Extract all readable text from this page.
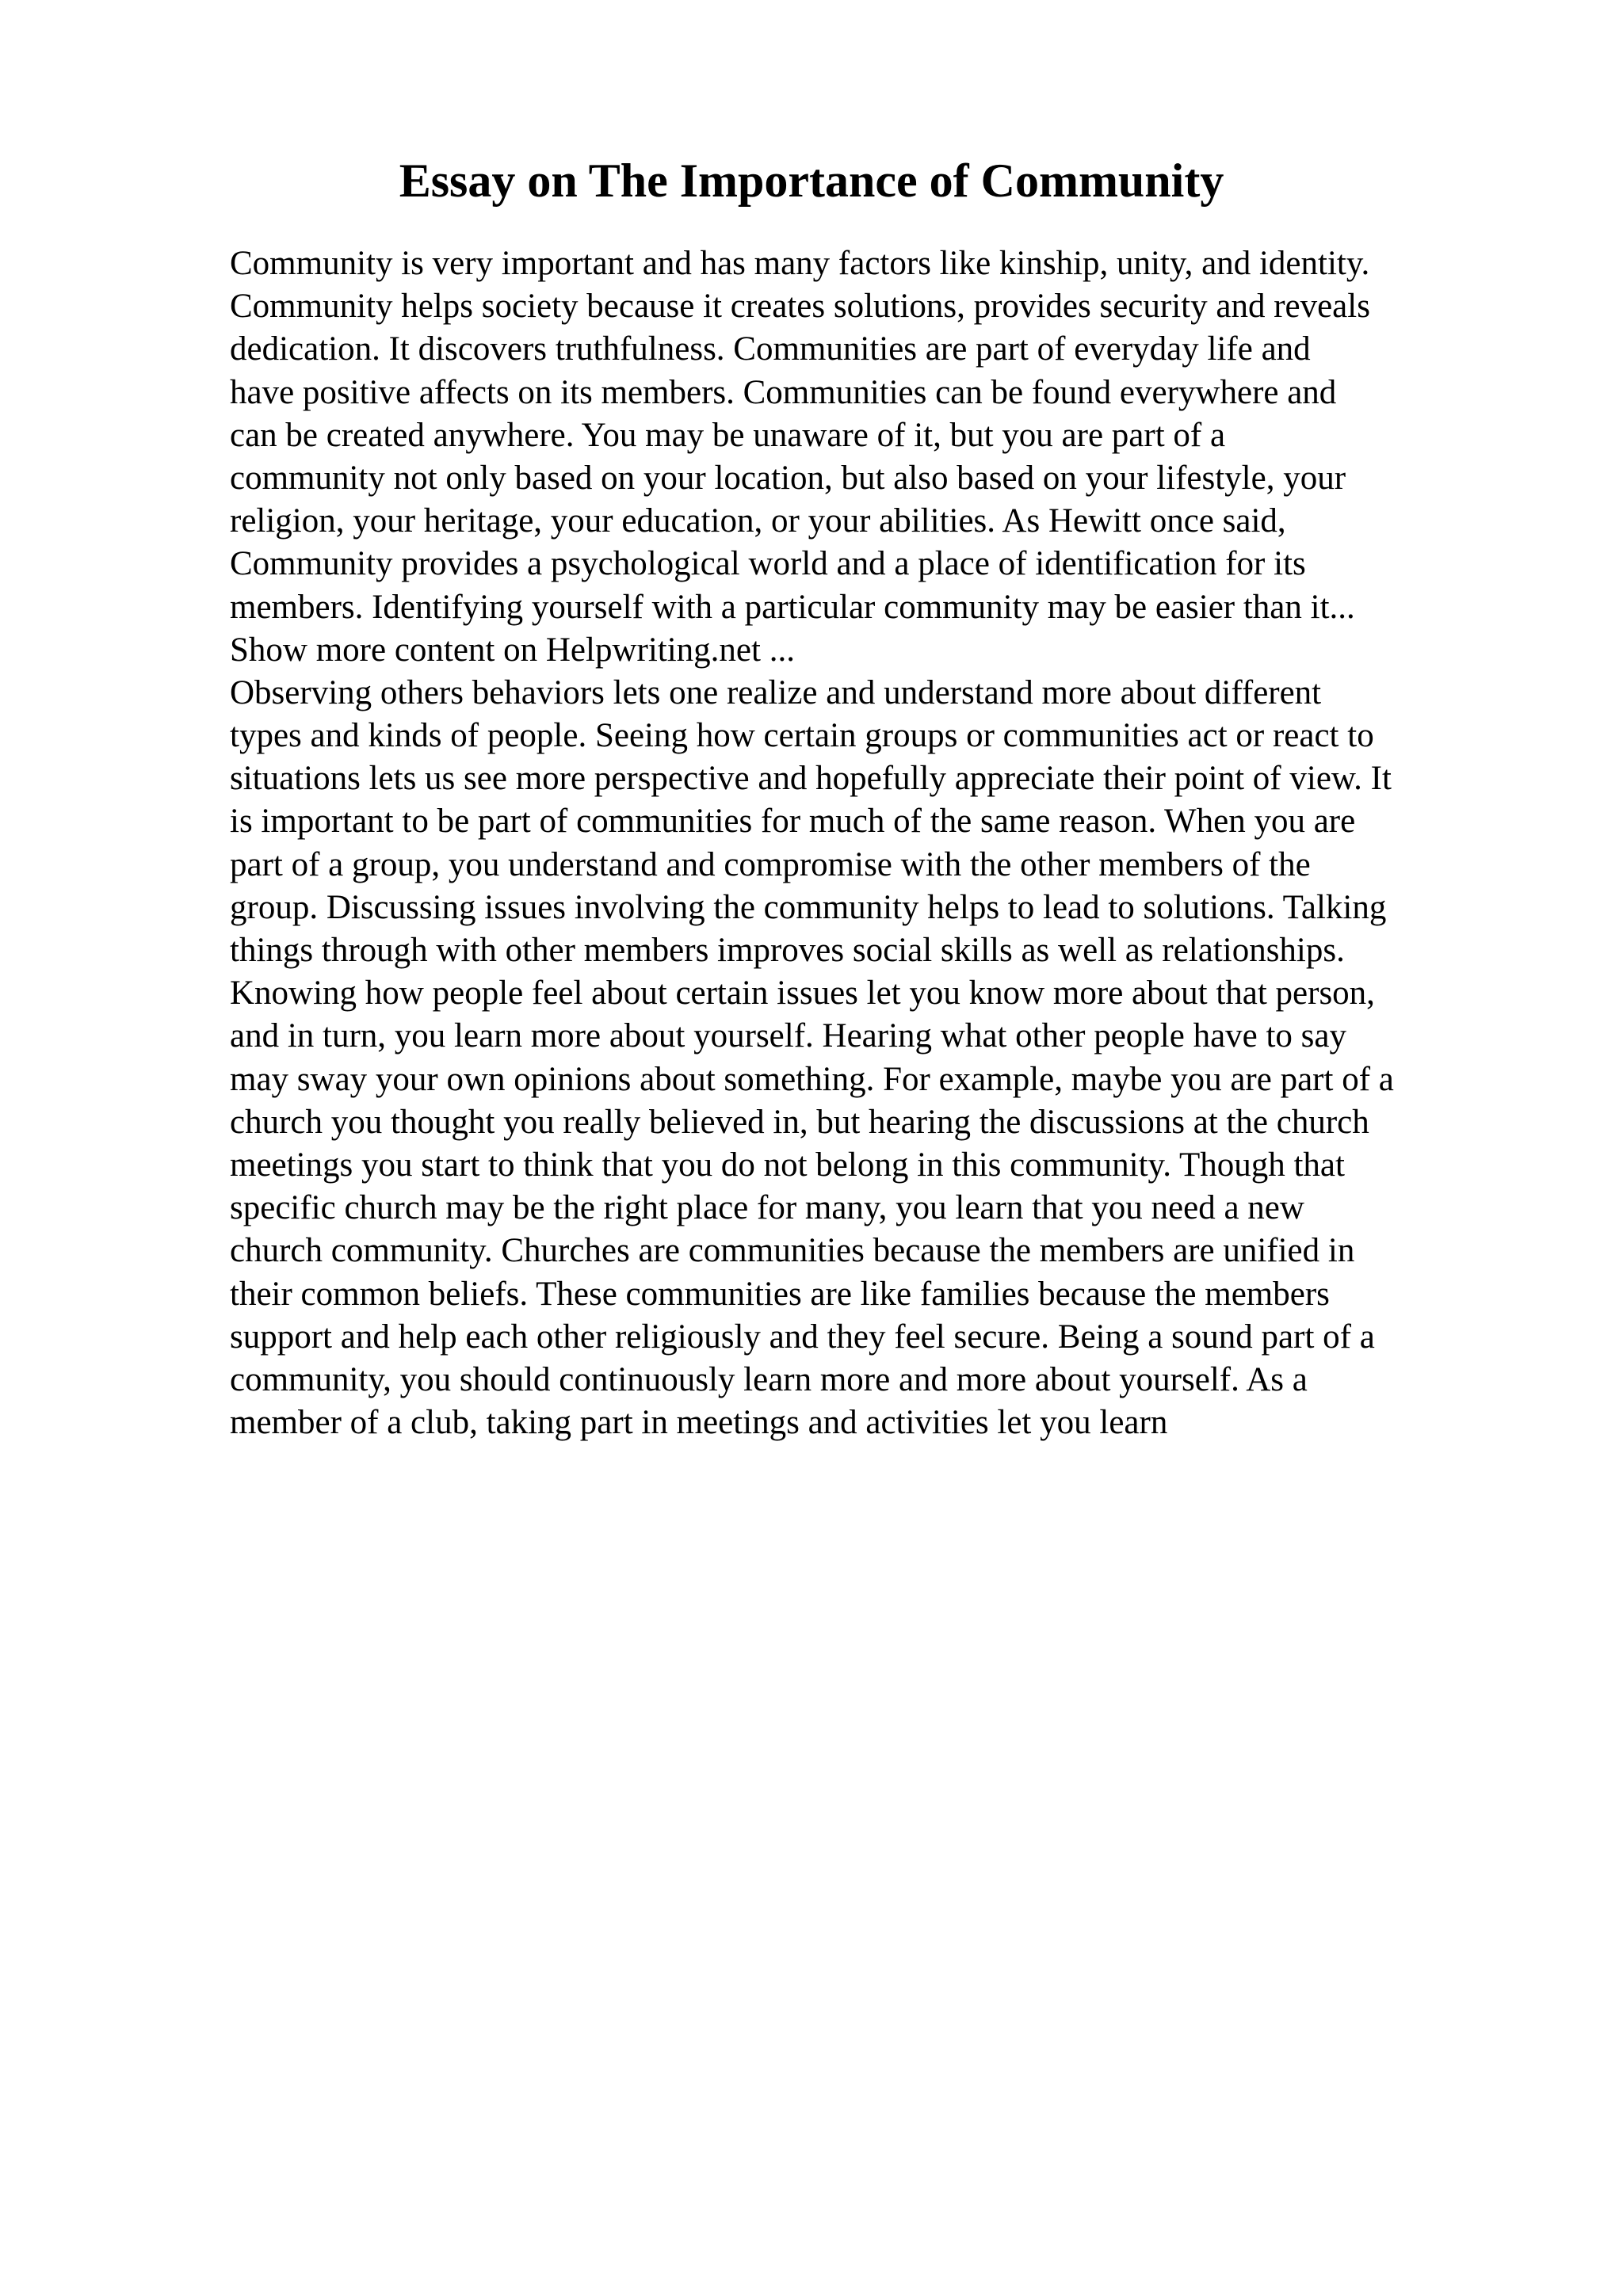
Essay on The Importance of Community
Community is very important and has many factors like kinship, unity, and identity.
Community helps society because it creates solutions, provides security and reveals
dedication. It discovers truthfulness. Communities are part of everyday life and
have positive affects on its members. Communities can be found everywhere and
can be created anywhere. You may be unaware of it, but you are part of a
community not only based on your location, but also based on your lifestyle, your
religion, your heritage, your education, or your abilities. As Hewitt once said,
Community provides a psychological world and a place of identification for its
members. Identifying yourself with a particular community may be easier than it...
Show more content on Helpwriting.net ...
Observing others behaviors lets one realize and understand more about different
types and kinds of people. Seeing how certain groups or communities act or react to
situations lets us see more perspective and hopefully appreciate their point of view. It
is important to be part of communities for much of the same reason. When you are
part of a group, you understand and compromise with the other members of the
group. Discussing issues involving the community helps to lead to solutions. Talking
things through with other members improves social skills as well as relationships.
Knowing how people feel about certain issues let you know more about that person,
and in turn, you learn more about yourself. Hearing what other people have to say
may sway your own opinions about something. For example, maybe you are part of a
church you thought you really believed in, but hearing the discussions at the church
meetings you start to think that you do not belong in this community. Though that
specific church may be the right place for many, you learn that you need a new
church community. Churches are communities because the members are unified in
their common beliefs. These communities are like families because the members
support and help each other religiously and they feel secure. Being a sound part of a
community, you should continuously learn more and more about yourself. As a
member of a club, taking part in meetings and activities let you learn
